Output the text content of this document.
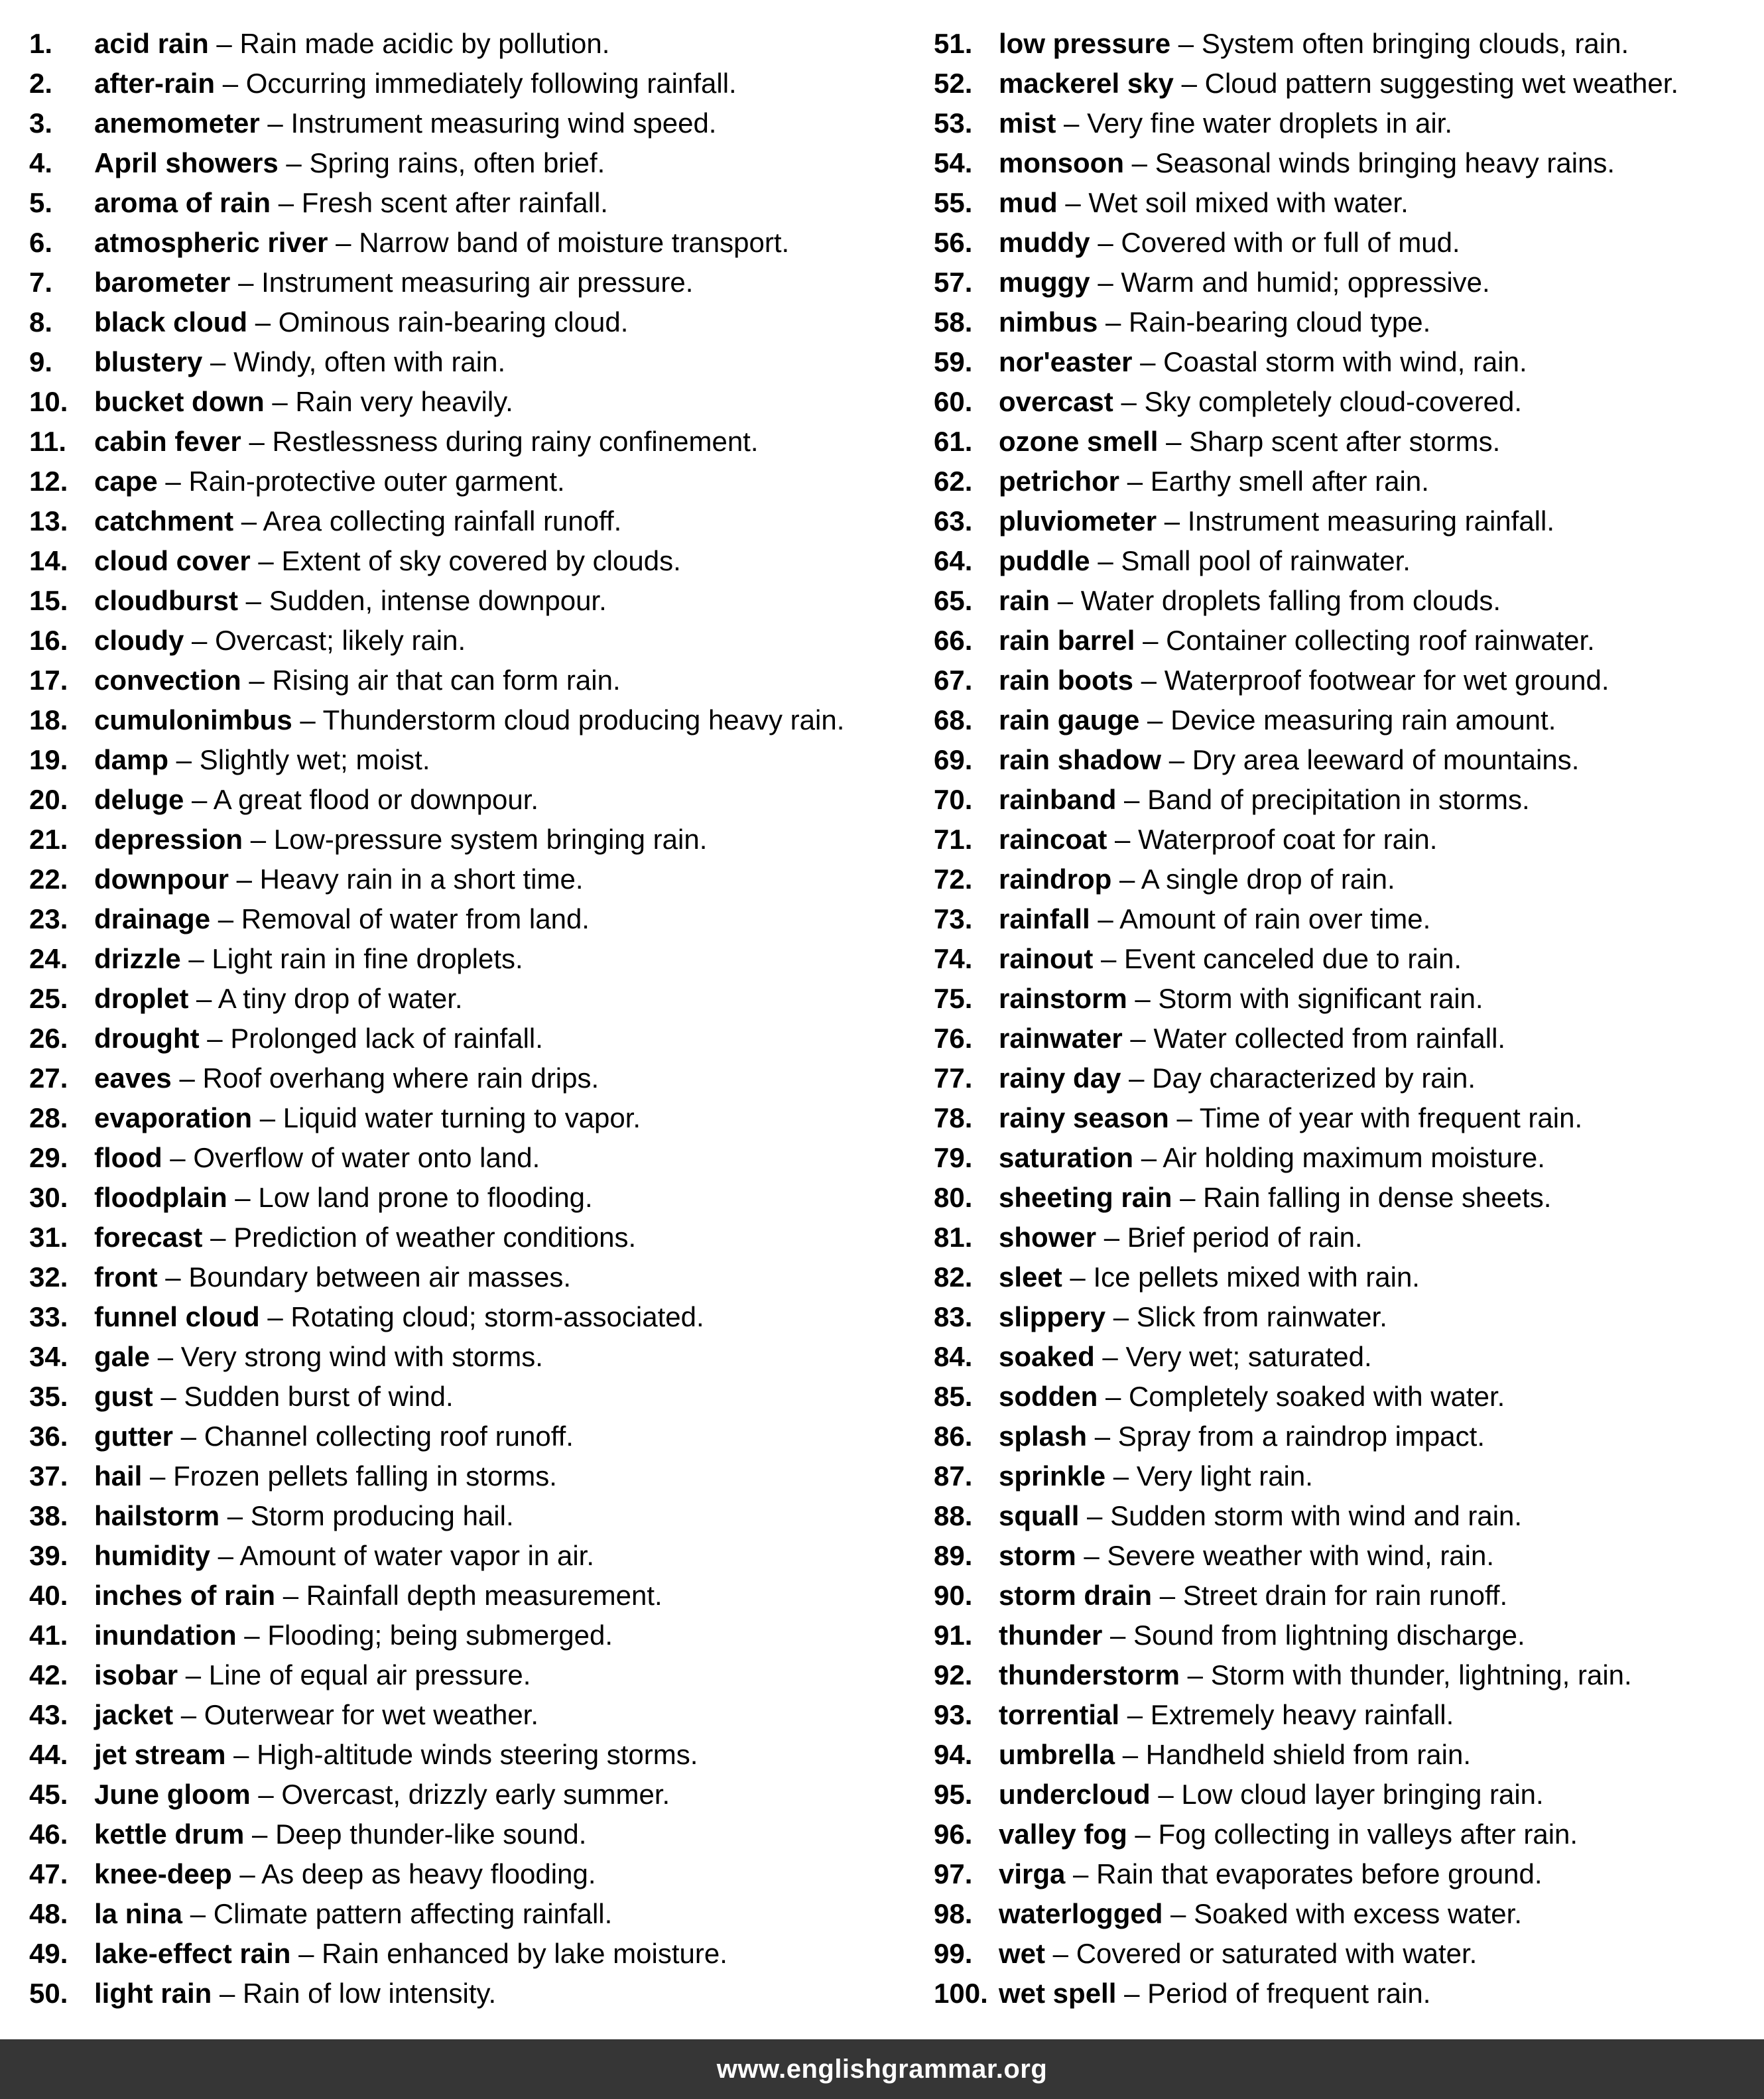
1.	acid rain – Rain made acidic by pollution.
2.	after-rain – Occurring immediately following rainfall.
3.	anemometer – Instrument measuring wind speed.
4.	April showers – Spring rains, often brief.
5.	aroma of rain – Fresh scent after rainfall.
6.	atmospheric river – Narrow band of moisture transport.
7.	barometer – Instrument measuring air pressure.
8.	black cloud – Ominous rain-bearing cloud.
9.	blustery – Windy, often with rain.
10. bucket down – Rain very heavily.
11. cabin fever – Restlessness during rainy confinement.
12. cape – Rain-protective outer garment.
13. catchment – Area collecting rainfall runoff.
14. cloud cover – Extent of sky covered by clouds.
15. cloudburst – Sudden, intense downpour.
16. cloudy – Overcast; likely rain.
17. convection – Rising air that can form rain.
18. cumulonimbus – Thunderstorm cloud producing heavy rain.
19. damp – Slightly wet; moist.
20. deluge – A great flood or downpour.
21. depression – Low-pressure system bringing rain.
22. downpour – Heavy rain in a short time.
23. drainage – Removal of water from land.
24. drizzle – Light rain in fine droplets.
25. droplet – A tiny drop of water.
26. drought – Prolonged lack of rainfall.
27. eaves – Roof overhang where rain drips.
28. evaporation – Liquid water turning to vapor.
29. flood – Overflow of water onto land.
30. floodplain – Low land prone to flooding.
31. forecast – Prediction of weather conditions.
32. front – Boundary between air masses.
33. funnel cloud – Rotating cloud; storm-associated.
34. gale – Very strong wind with storms.
35. gust – Sudden burst of wind.
36. gutter – Channel collecting roof runoff.
37. hail – Frozen pellets falling in storms.
38. hailstorm – Storm producing hail.
39. humidity – Amount of water vapor in air.
40. inches of rain – Rainfall depth measurement.
41. inundation – Flooding; being submerged.
42. isobar – Line of equal air pressure.
43. jacket – Outerwear for wet weather.
44. jet stream – High-altitude winds steering storms.
45. June gloom – Overcast, drizzly early summer.
46. kettle drum – Deep thunder-like sound.
47. knee-deep – As deep as heavy flooding.
48. la nina – Climate pattern affecting rainfall.
49. lake-effect rain – Rain enhanced by lake moisture.
50. light rain – Rain of low intensity.
51. low pressure – System often bringing clouds, rain.
52. mackerel sky – Cloud pattern suggesting wet weather.
53. mist – Very fine water droplets in air.
54. monsoon – Seasonal winds bringing heavy rains.
55. mud – Wet soil mixed with water.
56. muddy – Covered with or full of mud.
57. muggy – Warm and humid; oppressive.
58. nimbus – Rain-bearing cloud type.
59. nor'easter – Coastal storm with wind, rain.
60. overcast – Sky completely cloud-covered.
61. ozone smell – Sharp scent after storms.
62. petrichor – Earthy smell after rain.
63. pluviometer – Instrument measuring rainfall.
64. puddle – Small pool of rainwater.
65. rain – Water droplets falling from clouds.
66. rain barrel – Container collecting roof rainwater.
67. rain boots – Waterproof footwear for wet ground.
68. rain gauge – Device measuring rain amount.
69. rain shadow – Dry area leeward of mountains.
70. rainband – Band of precipitation in storms.
71. raincoat – Waterproof coat for rain.
72. raindrop – A single drop of rain.
73. rainfall – Amount of rain over time.
74. rainout – Event canceled due to rain.
75. rainstorm – Storm with significant rain.
76. rainwater – Water collected from rainfall.
77. rainy day – Day characterized by rain.
78. rainy season – Time of year with frequent rain.
79. saturation – Air holding maximum moisture.
80. sheeting rain – Rain falling in dense sheets.
81. shower – Brief period of rain.
82. sleet – Ice pellets mixed with rain.
83. slippery – Slick from rainwater.
84. soaked – Very wet; saturated.
85. sodden – Completely soaked with water.
86. splash – Spray from a raindrop impact.
87. sprinkle – Very light rain.
88. squall – Sudden storm with wind and rain.
89. storm – Severe weather with wind, rain.
90. storm drain – Street drain for rain runoff.
91. thunder – Sound from lightning discharge.
92. thunderstorm – Storm with thunder, lightning, rain.
93. torrential – Extremely heavy rainfall.
94. umbrella – Handheld shield from rain.
95. undercloud – Low cloud layer bringing rain.
96. valley fog – Fog collecting in valleys after rain.
97. virga – Rain that evaporates before ground.
98. waterlogged – Soaked with excess water.
99. wet – Covered or saturated with water.
100. wet spell – Period of frequent rain.
www.englishgrammar.org
